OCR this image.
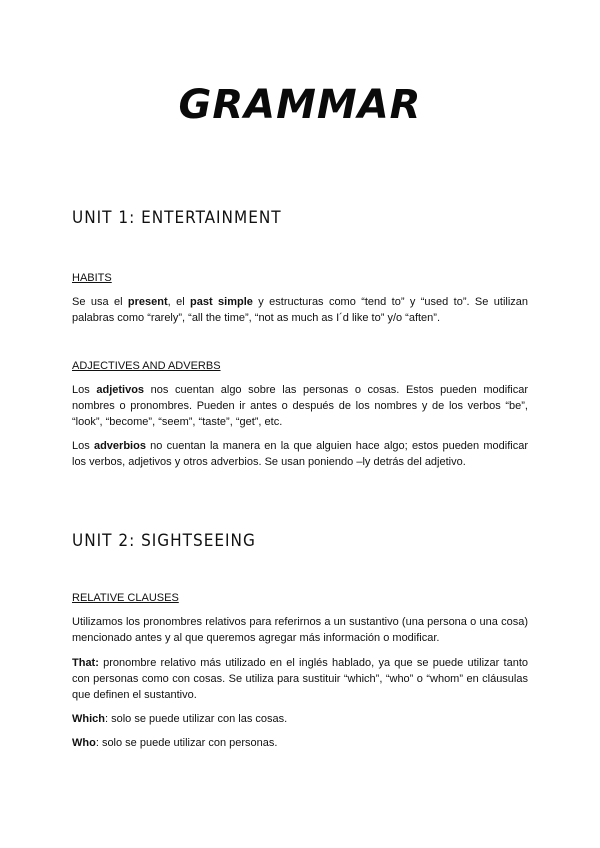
GRAMMAR
UNIT 1: ENTERTAINMENT
HABITS
Se usa el present, el past simple y estructuras como “tend to” y “used to”. Se utilizan palabras como “rarely”, “all the time”, “not as much as I´d like to” y/o “aften”.
ADJECTIVES AND ADVERBS
Los adjetivos nos cuentan algo sobre las personas o cosas. Estos pueden modificar nombres o pronombres. Pueden ir antes o después de los nombres y de los verbos “be”, “look”, “become”, “seem”, “taste”, “get”, etc.
Los adverbios no cuentan la manera en la que alguien hace algo; estos pueden modificar los verbos, adjetivos y otros adverbios. Se usan poniendo –ly detrás del adjetivo.
UNIT 2: SIGHTSEEING
RELATIVE CLAUSES
Utilizamos los pronombres relativos para referirnos a un sustantivo (una persona o una cosa) mencionado antes y al que queremos agregar más información o modificar.
That: pronombre relativo más utilizado en el inglés hablado, ya que se puede utilizar tanto con personas como con cosas. Se utiliza para sustituir “which”, “who” o “whom” en cláusulas que definen el sustantivo.
Which: solo se puede utilizar con las cosas.
Who: solo se puede utilizar con personas.
